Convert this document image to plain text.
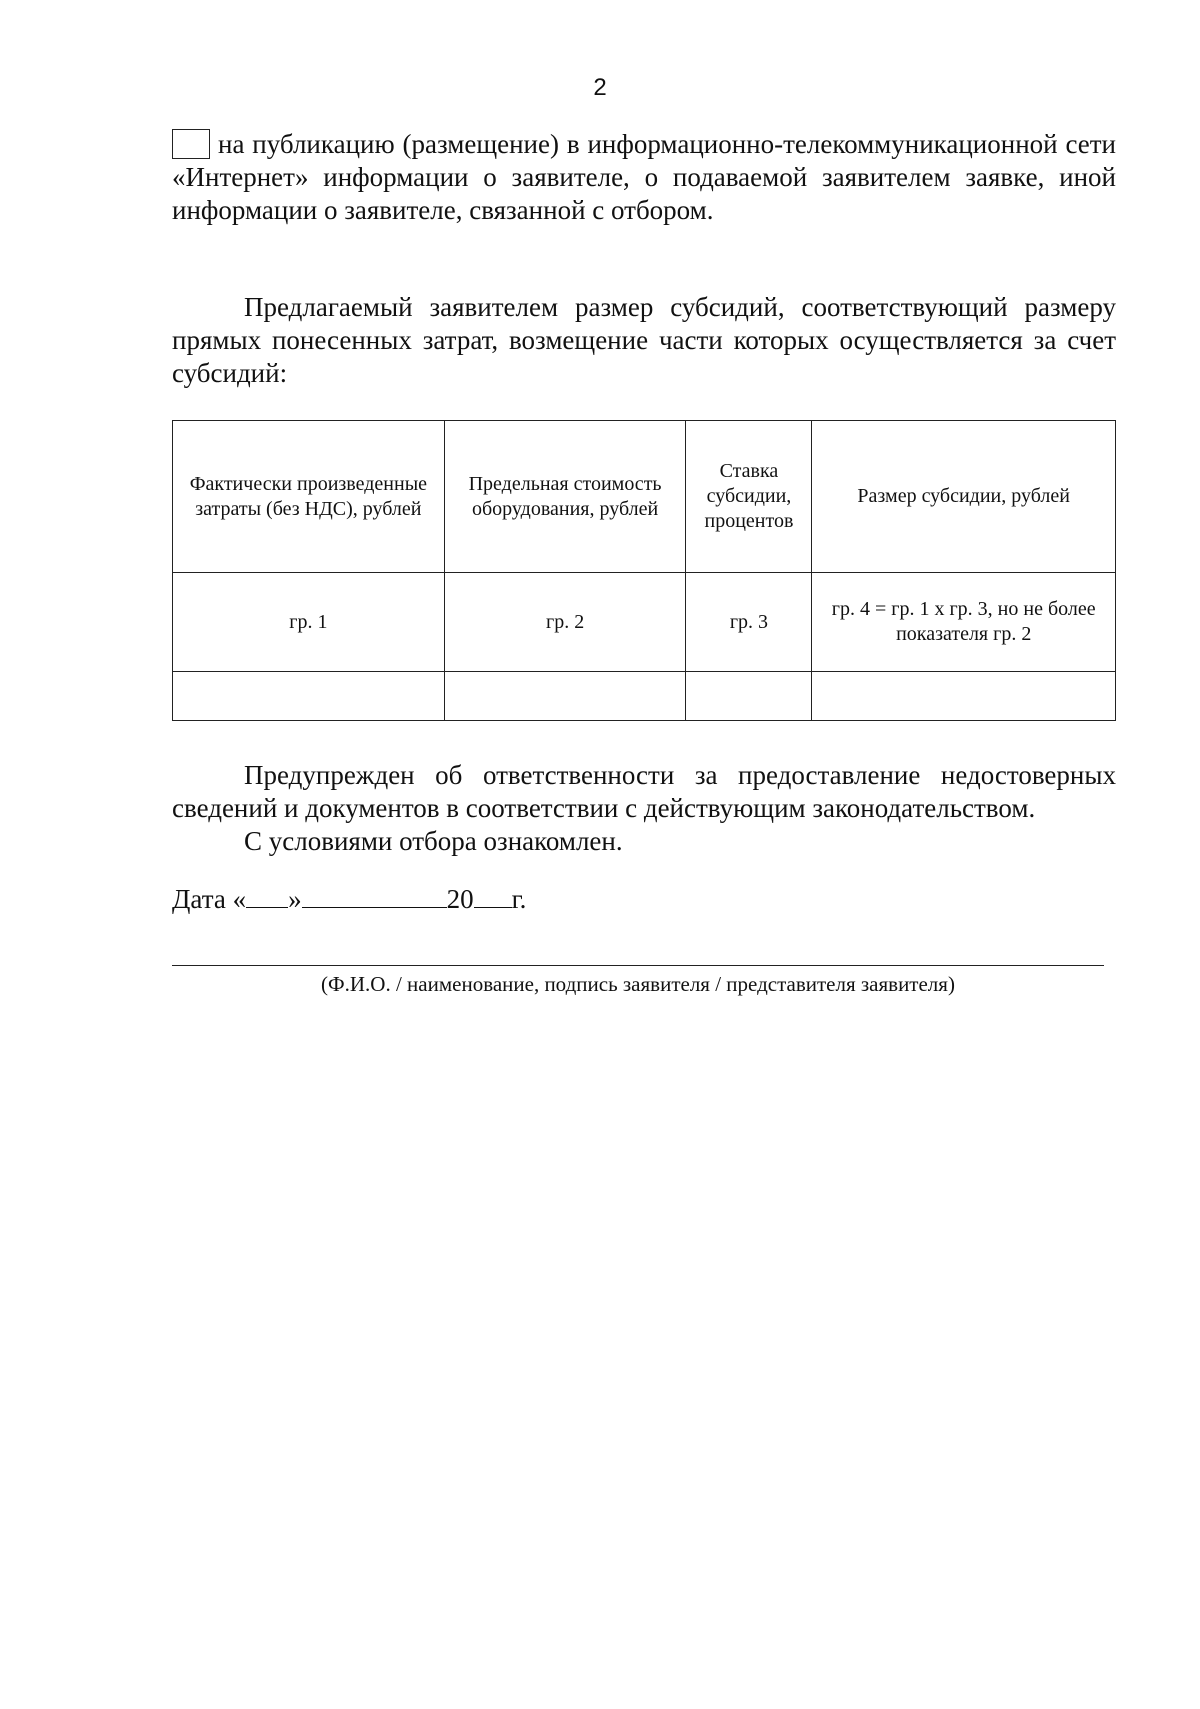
2
на публикацию (размещение) в информационно-телекоммуникационной сети «Интернет» информации о заявителе, о подаваемой заявителем заявке, иной информации о заявителе, связанной с отбором.
Предлагаемый заявителем размер субсидий, соответствующий размеру прямых понесенных затрат, возмещение части которых осуществляется за счет субсидий:
Фактически произведенные затраты (без НДС), рублей	Предельная стоимость оборудования, рублей	Ставка субсидии, процентов	Размер субсидии, рублей
гр. 1	гр. 2	гр. 3	гр. 4 = гр. 1 x гр. 3, но не более показателя гр. 2

Предупрежден об ответственности за предоставление недостоверных сведений и документов в соответствии с действующим законодательством.
С условиями отбора ознакомлен.
Дата « »	20 г.
(Ф.И.О. / наименование, подпись заявителя / представителя заявителя)
